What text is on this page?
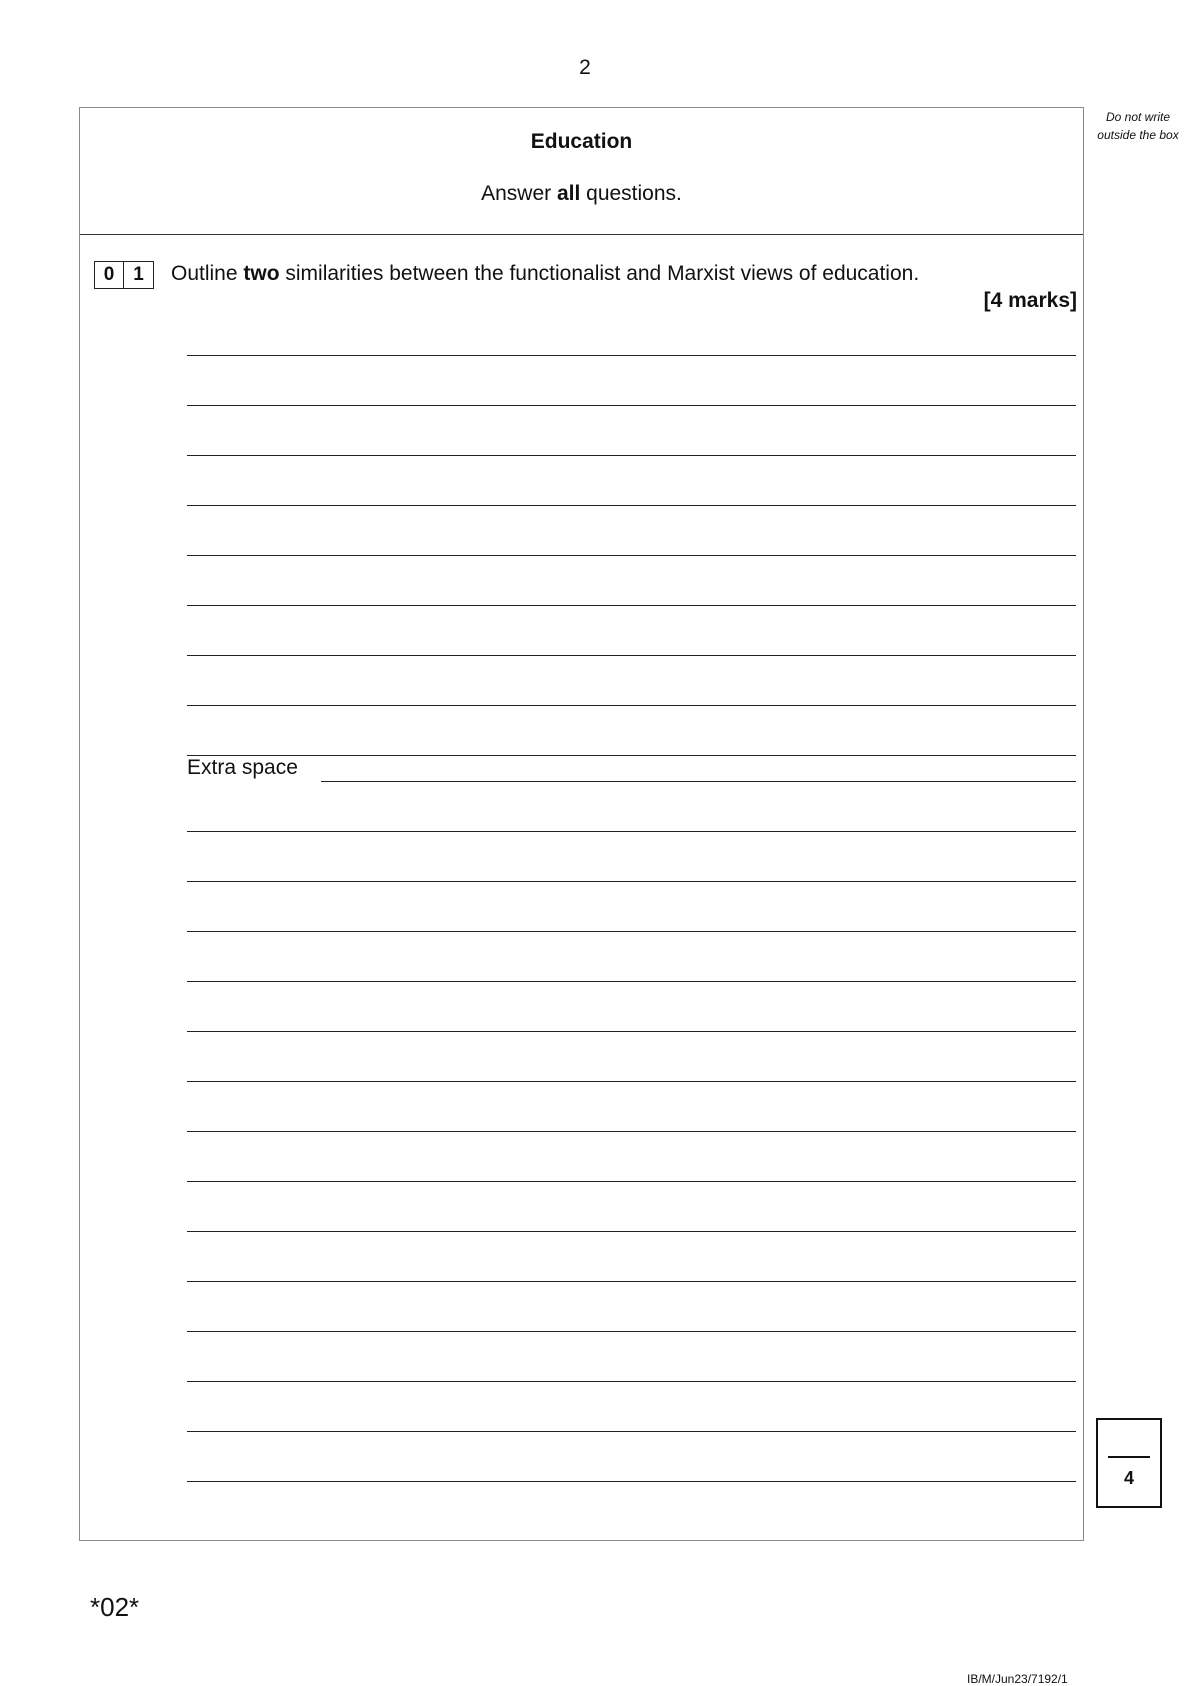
2
Do not write outside the box
Education
Answer all questions.
0 1	Outline two similarities between the functionalist and Marxist views of education.
[4 marks]
Extra space
4
*02*
IB/M/Jun23/7192/1
